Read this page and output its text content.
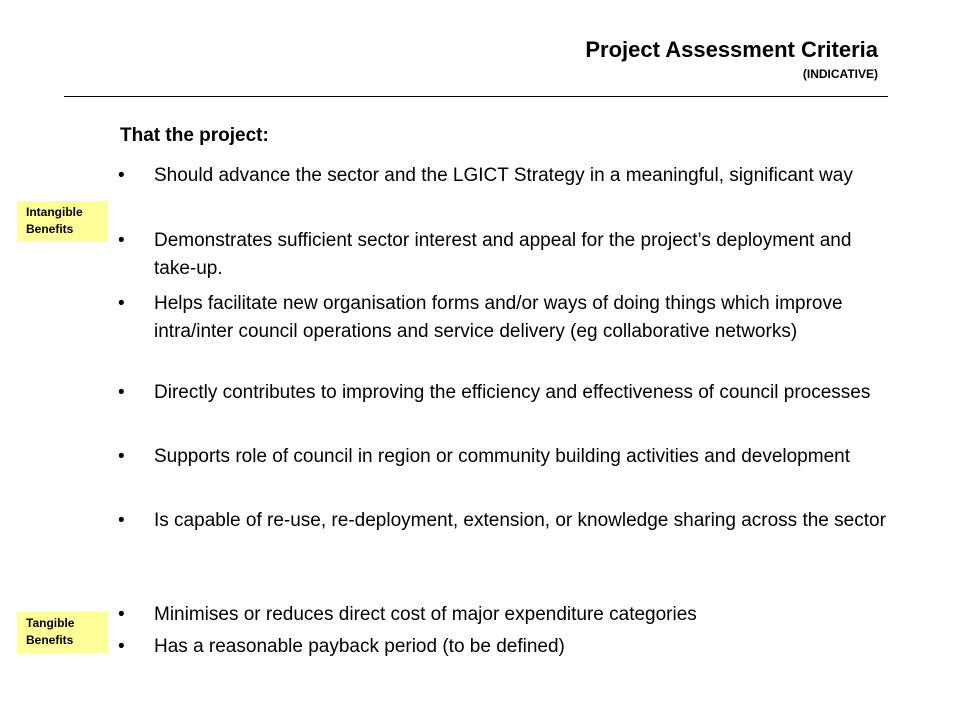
Project Assessment Criteria
(INDICATIVE)
That the project:
Intangible Benefits
Tangible Benefits
•	Should advance the sector and the LGICT Strategy in a meaningful, significant way
•	Demonstrates sufficient sector interest and appeal for the project’s deployment and take-up.
•	Helps facilitate new organisation forms and/or ways of doing things which improve intra/inter council operations and service delivery (eg collaborative networks)
•	Directly contributes to improving the efficiency and effectiveness of council processes
•	Supports role of council in region or community building activities and development
•	Is capable of re-use, re-deployment, extension, or knowledge sharing across the sector
•	Minimises or reduces direct cost of major expenditure categories
•	Has a reasonable payback period (to be defined)
